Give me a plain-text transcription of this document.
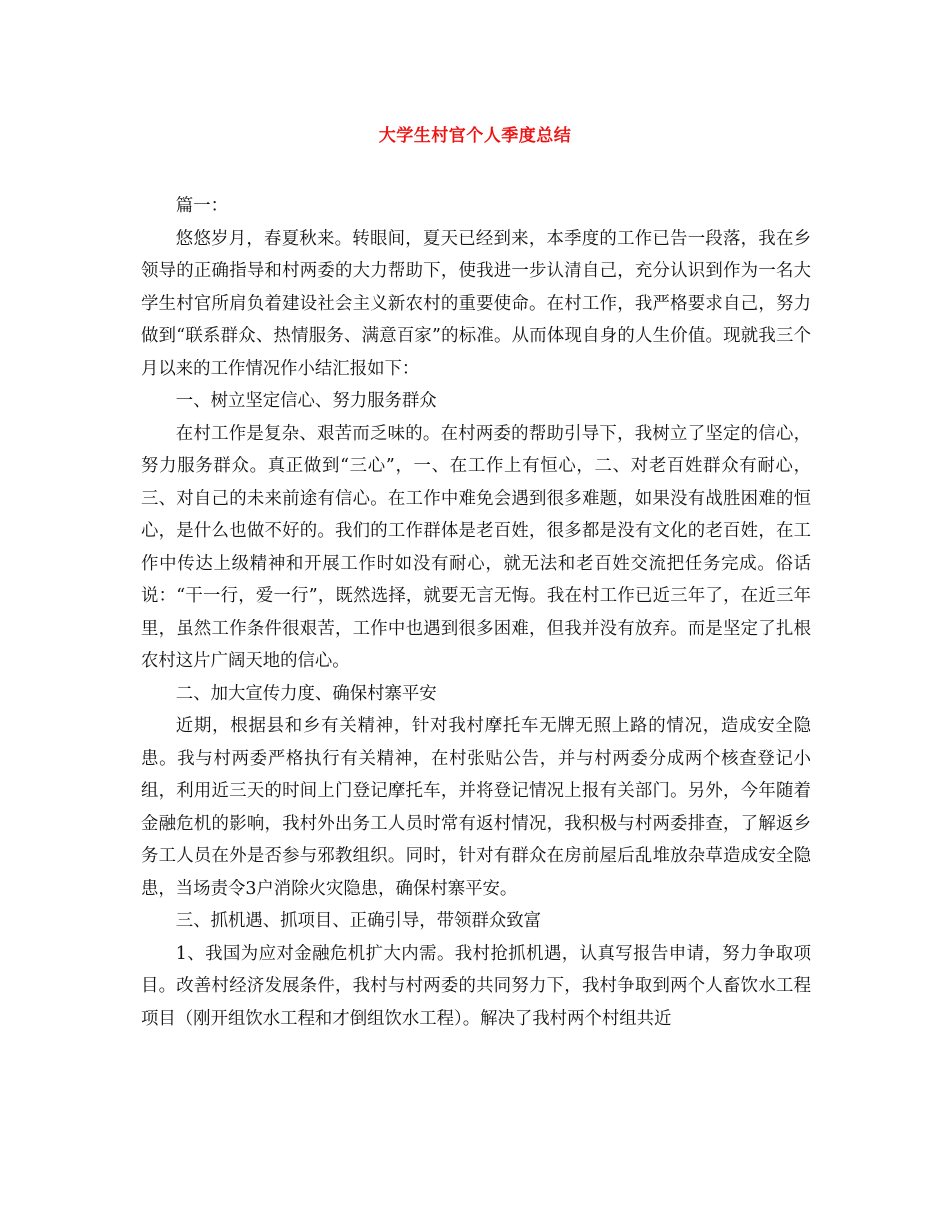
大学生村官个人季度总结

篇一：

悠悠岁月，春夏秋来。转眼间，夏天已经到来，本季度的工作已告一段落，我在乡领导的正确指导和村两委的大力帮助下，使我进一步认清自己，充分认识到作为一名大学生村官所肩负着建设社会主义新农村的重要使命。在村工作，我严格要求自己，努力做到“联系群众、热情服务、满意百家”的标准。从而体现自身的人生价值。现就我三个月以来的工作情况作小结汇报如下：

一、树立坚定信心、努力服务群众

在村工作是复杂、艰苦而乏味的。在村两委的帮助引导下，我树立了坚定的信心，努力服务群众。真正做到“三心”，一、在工作上有恒心，二、对老百姓群众有耐心，三、对自己的未来前途有信心。在工作中难免会遇到很多难题，如果没有战胜困难的恒心，是什么也做不好的。我们的工作群体是老百姓，很多都是没有文化的老百姓，在工作中传达上级精神和开展工作时如没有耐心，就无法和老百姓交流把任务完成。俗话说：“干一行，爱一行”，既然选择，就要无言无悔。我在村工作已近三年了，在近三年里，虽然工作条件很艰苦，工作中也遇到很多困难，但我并没有放弃。而是坚定了扎根农村这片广阔天地的信心。

二、加大宣传力度、确保村寨平安

近期，根据县和乡有关精神，针对我村摩托车无牌无照上路的情况，造成安全隐患。我与村两委严格执行有关精神，在村张贴公告，并与村两委分成两个核查登记小组，利用近三天的时间上门登记摩托车，并将登记情况上报有关部门。另外，今年随着金融危机的影响，我村外出务工人员时常有返村情况，我积极与村两委排查，了解返乡务工人员在外是否参与邪教组织。同时，针对有群众在房前屋后乱堆放杂草造成安全隐患，当场责令3户消除火灾隐患，确保村寨平安。

三、抓机遇、抓项目、正确引导，带领群众致富

1、我国为应对金融危机扩大内需。我村抢抓机遇，认真写报告申请，努力争取项目。改善村经济发展条件，我村与村两委的共同努力下，我村争取到两个人畜饮水工程项目（刚开组饮水工程和才倒组饮水工程）。解决了我村两个村组共近
